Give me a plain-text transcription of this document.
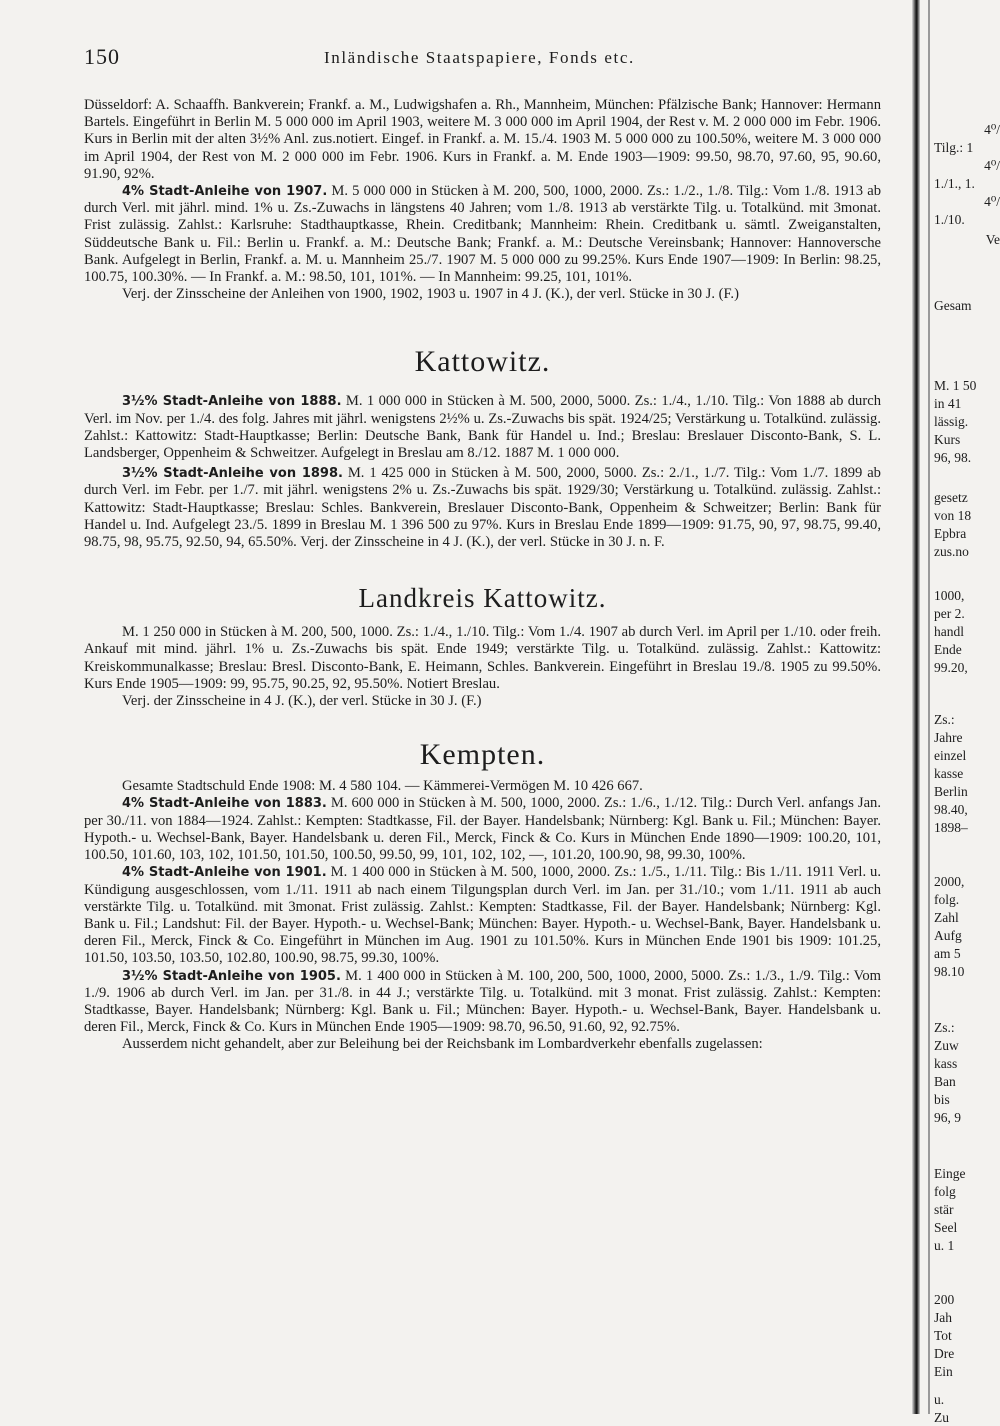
150	Inländische Staatspapiere, Fonds etc.

Düsseldorf: A. Schaaffh. Bankverein; Frankf. a. M., Ludwigshafen a. Rh., Mannheim, München: Pfälzische Bank; Hannover: Hermann Bartels. Eingeführt in Berlin M. 5 000 000 im April 1903, weitere M. 3 000 000 im April 1904, der Rest v. M. 2 000 000 im Febr. 1906. Kurs in Berlin mit der alten 3½% Anl. zus.notiert. Eingef. in Frankf. a. M. 15./4. 1903 M. 5 000 000 zu 100.50%, weitere M. 3 000 000 im April 1904, der Rest von M. 2 000 000 im Febr. 1906. Kurs in Frankf. a. M. Ende 1903—1909: 99.50, 98.70, 97.60, 95, 90.60, 91.90, 92%.

4% Stadt-Anleihe von 1907. M. 5 000 000 in Stücken à M. 200, 500, 1000, 2000. Zs.: 1./2., 1./8. Tilg.: Vom 1./8. 1913 ab durch Verl. mit jährl. mind. 1% u. Zs.-Zuwachs in längstens 40 Jahren; vom 1./8. 1913 ab verstärkte Tilg. u. Totalkünd. mit 3monat. Frist zulässig. Zahlst.: Karlsruhe: Stadthauptkasse, Rhein. Creditbank; Mannheim: Rhein. Creditbank u. sämtl. Zweiganstalten, Süddeutsche Bank u. Fil.: Berlin u. Frankf. a. M.: Deutsche Bank; Frankf. a. M.: Deutsche Vereinsbank; Hannover: Hannoversche Bank. Aufgelegt in Berlin, Frankf. a. M. u. Mannheim 25./7. 1907 M. 5 000 000 zu 99.25%. Kurs Ende 1907—1909: In Berlin: 98.25, 100.75, 100.30%. — In Frankf. a. M.: 98.50, 101, 101%. — In Mannheim: 99.25, 101, 101%.

Verj. der Zinsscheine der Anleihen von 1900, 1902, 1903 u. 1907 in 4 J. (K.), der verl. Stücke in 30 J. (F.)

Kattowitz.

3½% Stadt-Anleihe von 1888. M. 1 000 000 in Stücken à M. 500, 2000, 5000. Zs.: 1./4., 1./10. Tilg.: Von 1888 ab durch Verl. im Nov. per 1./4. des folg. Jahres mit jährl. wenigstens 2½% u. Zs.-Zuwachs bis spät. 1924/25; Verstärkung u. Totalkünd. zulässig. Zahlst.: Kattowitz: Stadt-Hauptkasse; Berlin: Deutsche Bank, Bank für Handel u. Ind.; Breslau: Breslauer Disconto-Bank, S. L. Landsberger, Oppenheim & Schweitzer. Aufgelegt in Breslau am 8./12. 1887 M. 1 000 000.

3½% Stadt-Anleihe von 1898. M. 1 425 000 in Stücken à M. 500, 2000, 5000. Zs.: 2./1., 1./7. Tilg.: Vom 1./7. 1899 ab durch Verl. im Febr. per 1./7. mit jährl. wenigstens 2% u. Zs.-Zuwachs bis spät. 1929/30; Verstärkung u. Totalkünd. zulässig. Zahlst.: Kattowitz: Stadt-Hauptkasse; Breslau: Schles. Bankverein, Breslauer Disconto-Bank, Oppenheim & Schweitzer; Berlin: Bank für Handel u. Ind. Aufgelegt 23./5. 1899 in Breslau M. 1 396 500 zu 97%. Kurs in Breslau Ende 1899—1909: 91.75, 90, 97, 98.75, 99.40, 98.75, 98, 95.75, 92.50, 94, 65.50%. Verj. der Zinsscheine in 4 J. (K.), der verl. Stücke in 30 J. n. F.

Landkreis Kattowitz.

M. 1 250 000 in Stücken à M. 200, 500, 1000. Zs.: 1./4., 1./10. Tilg.: Vom 1./4. 1907 ab durch Verl. im April per 1./10. oder freih. Ankauf mit mind. jährl. 1% u. Zs.-Zuwachs bis spät. Ende 1949; verstärkte Tilg. u. Totalkünd. zulässig. Zahlst.: Kattowitz: Kreiskommunalkasse; Breslau: Bresl. Disconto-Bank, E. Heimann, Schles. Bankverein. Eingeführt in Breslau 19./8. 1905 zu 99.50%. Kurs Ende 1905—1909: 99, 95.75, 90.25, 92, 95.50%. Notiert Breslau.

Verj. der Zinsscheine in 4 J. (K.), der verl. Stücke in 30 J. (F.)

Kempten.

Gesamte Stadtschuld Ende 1908: M. 4 580 104. — Kämmerei-Vermögen M. 10 426 667.

4% Stadt-Anleihe von 1883. M. 600 000 in Stücken à M. 500, 1000, 2000. Zs.: 1./6., 1./12. Tilg.: Durch Verl. anfangs Jan. per 30./11. von 1884—1924. Zahlst.: Kempten: Stadtkasse, Fil. der Bayer. Handelsbank; Nürnberg: Kgl. Bank u. Fil.; München: Bayer. Hypoth.- u. Wechsel-Bank, Bayer. Handelsbank u. deren Fil., Merck, Finck & Co. Kurs in München Ende 1890—1909: 100.20, 101, 100.50, 101.60, 103, 102, 101.50, 101.50, 100.50, 99.50, 99, 101, 102, 102, —, 101.20, 100.90, 98, 99.30, 100%.

4% Stadt-Anleihe von 1901. M. 1 400 000 in Stücken à M. 500, 1000, 2000. Zs.: 1./5., 1./11. Tilg.: Bis 1./11. 1911 Verl. u. Kündigung ausgeschlossen, vom 1./11. 1911 ab nach einem Tilgungsplan durch Verl. im Jan. per 31./10.; vom 1./11. 1911 ab auch verstärkte Tilg. u. Totalkünd. mit 3monat. Frist zulässig. Zahlst.: Kempten: Stadtkasse, Fil. der Bayer. Handelsbank; Nürnberg: Kgl. Bank u. Fil.; Landshut: Fil. der Bayer. Hypoth.- u. Wechsel-Bank; München: Bayer. Hypoth.- u. Wechsel-Bank, Bayer. Handelsbank u. deren Fil., Merck, Finck & Co. Eingeführt in München im Aug. 1901 zu 101.50%. Kurs in München Ende 1901 bis 1909: 101.25, 101.50, 103.50, 103.50, 102.80, 100.90, 98.75, 99.30, 100%.

3½% Stadt-Anleihe von 1905. M. 1 400 000 in Stücken à M. 100, 200, 500, 1000, 2000, 5000. Zs.: 1./3., 1./9. Tilg.: Vom 1./9. 1906 ab durch Verl. im Jan. per 31./8. in 44 J.; verstärkte Tilg. u. Totalkünd. mit 3 monat. Frist zulässig. Zahlst.: Kempten: Stadtkasse, Bayer. Handelsbank; Nürnberg: Kgl. Bank u. Fil.; München: Bayer. Hypoth.- u. Wechsel-Bank, Bayer. Handelsbank u. deren Fil., Merck, Finck & Co. Kurs in München Ende 1905—1909: 98.70, 96.50, 91.60, 92, 92.75%.

Ausserdem nicht gehandelt, aber zur Beleihung bei der Reichsbank im Lombardverkehr ebenfalls zugelassen:

4⁰/
Tilg.: 1
4⁰/
1./1., 1.
4⁰/
1./10.
Ve
Gesam
M. 1 50
in 41
lässig.
Kurs
96, 98.
gesetz
von 18
Epbra
zus.no
1000,
per 2.
handl
Ende
99.20,
Zs.:
Jahre
einzel
kasse
Berlin
98.40,
1898–
2000,
folg.
Zahl
Aufg
am 5
98.10
Zs.:
Zuw
kass
Ban
bis
96, 9
Einge
folg
stär
Seel
u. 1
200
Jah
Tot
Dre
Ein
u.
Zu
